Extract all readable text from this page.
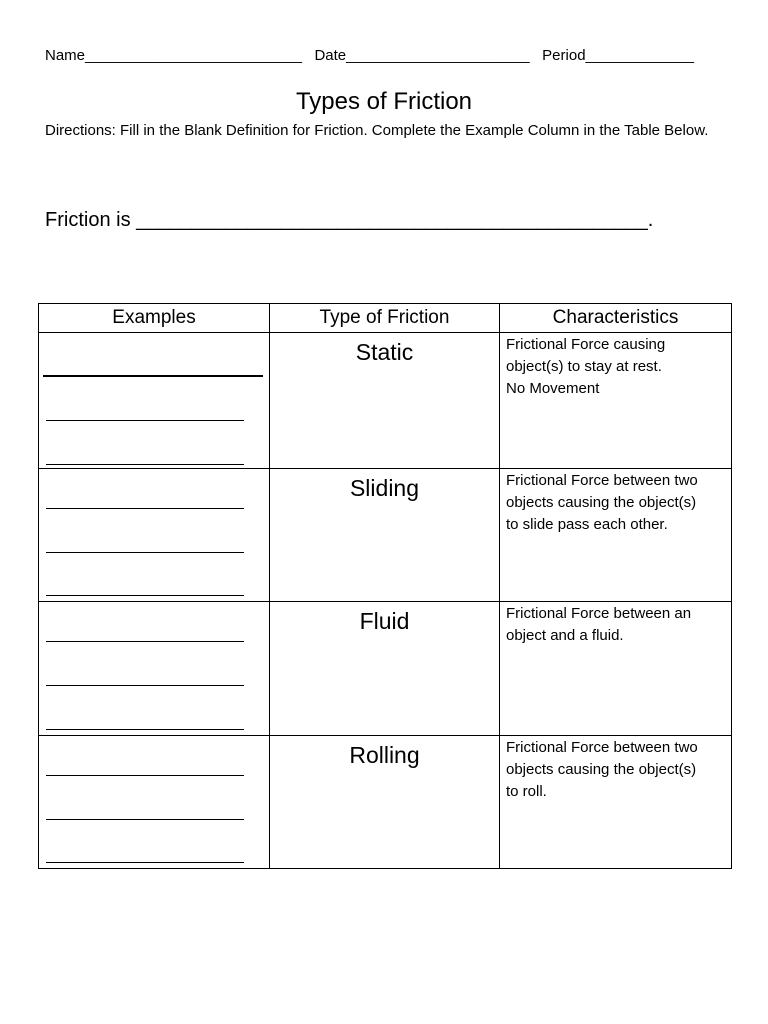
Name__________________________ Date______________________ Period_____________
Types of Friction
Directions: Fill in the Blank Definition for Friction. Complete the Example Column in the Table Below.
Friction is ______________________________________________.
Examples	Type of Friction	Characteristics

	Static	Frictional Force causing
object(s) to stay at rest.
No Movement

	Sliding	Frictional Force between two
objects causing the object(s)
to slide pass each other.

	Fluid	Frictional Force between an
object and a fluid.

	Rolling	Frictional Force between two
objects causing the object(s)
to roll.
